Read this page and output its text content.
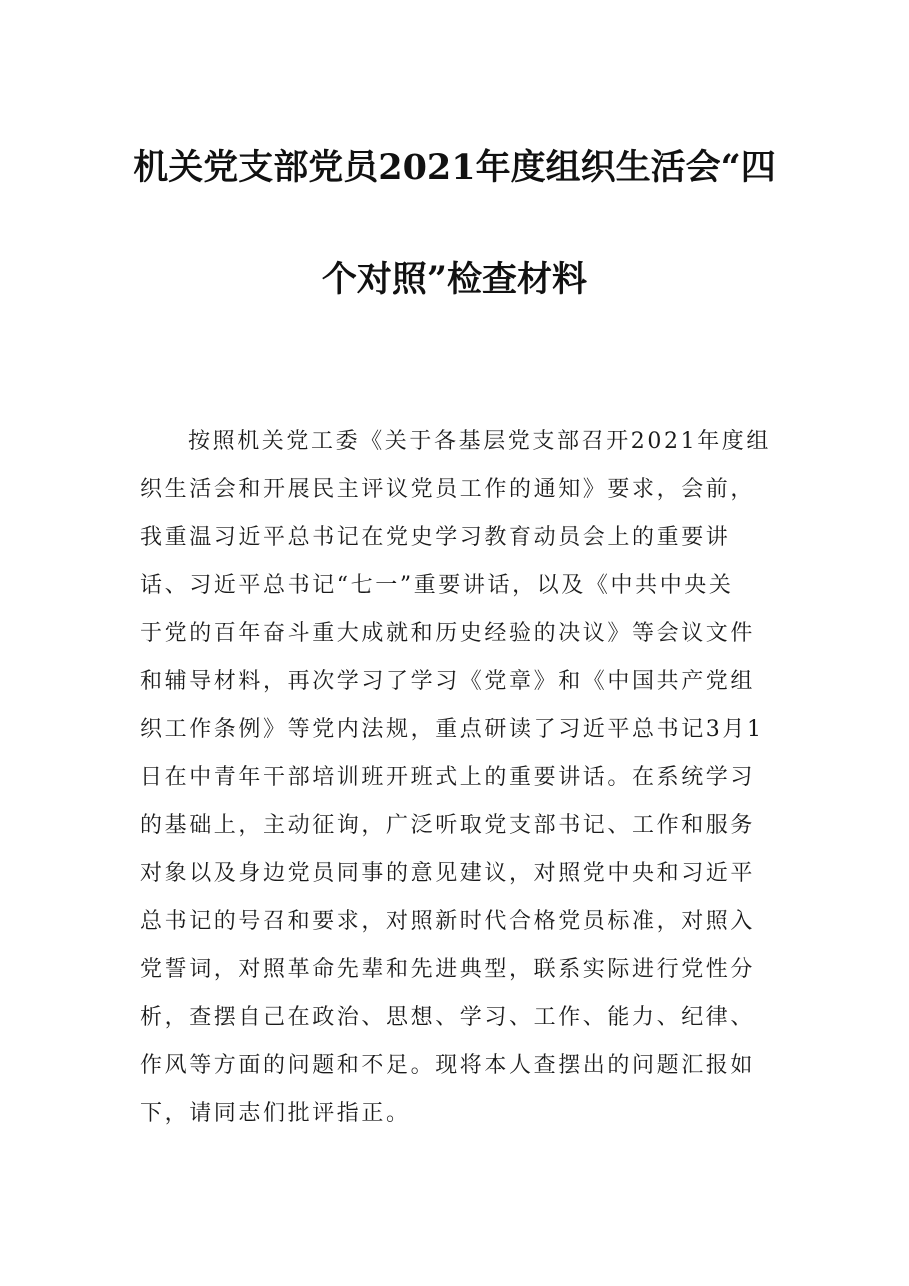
机关党支部党员2021年度组织生活会“四
个对照”检查材料
按照机关党工委《关于各基层党支部召开2021年度组
织生活会和开展民主评议党员工作的通知》要求，会前，
我重温习近平总书记在党史学习教育动员会上的重要讲
话、习近平总书记“七一”重要讲话，以及《中共中央关
于党的百年奋斗重大成就和历史经验的决议》等会议文件
和辅导材料，再次学习了学习《党章》和《中国共产党组
织工作条例》等党内法规，重点研读了习近平总书记3月1
日在中青年干部培训班开班式上的重要讲话。在系统学习
的基础上，主动征询，广泛听取党支部书记、工作和服务
对象以及身边党员同事的意见建议，对照党中央和习近平
总书记的号召和要求，对照新时代合格党员标准，对照入
党誓词，对照革命先辈和先进典型，联系实际进行党性分
析，查摆自己在政治、思想、学习、工作、能力、纪律、
作风等方面的问题和不足。现将本人查摆出的问题汇报如
下，请同志们批评指正。
